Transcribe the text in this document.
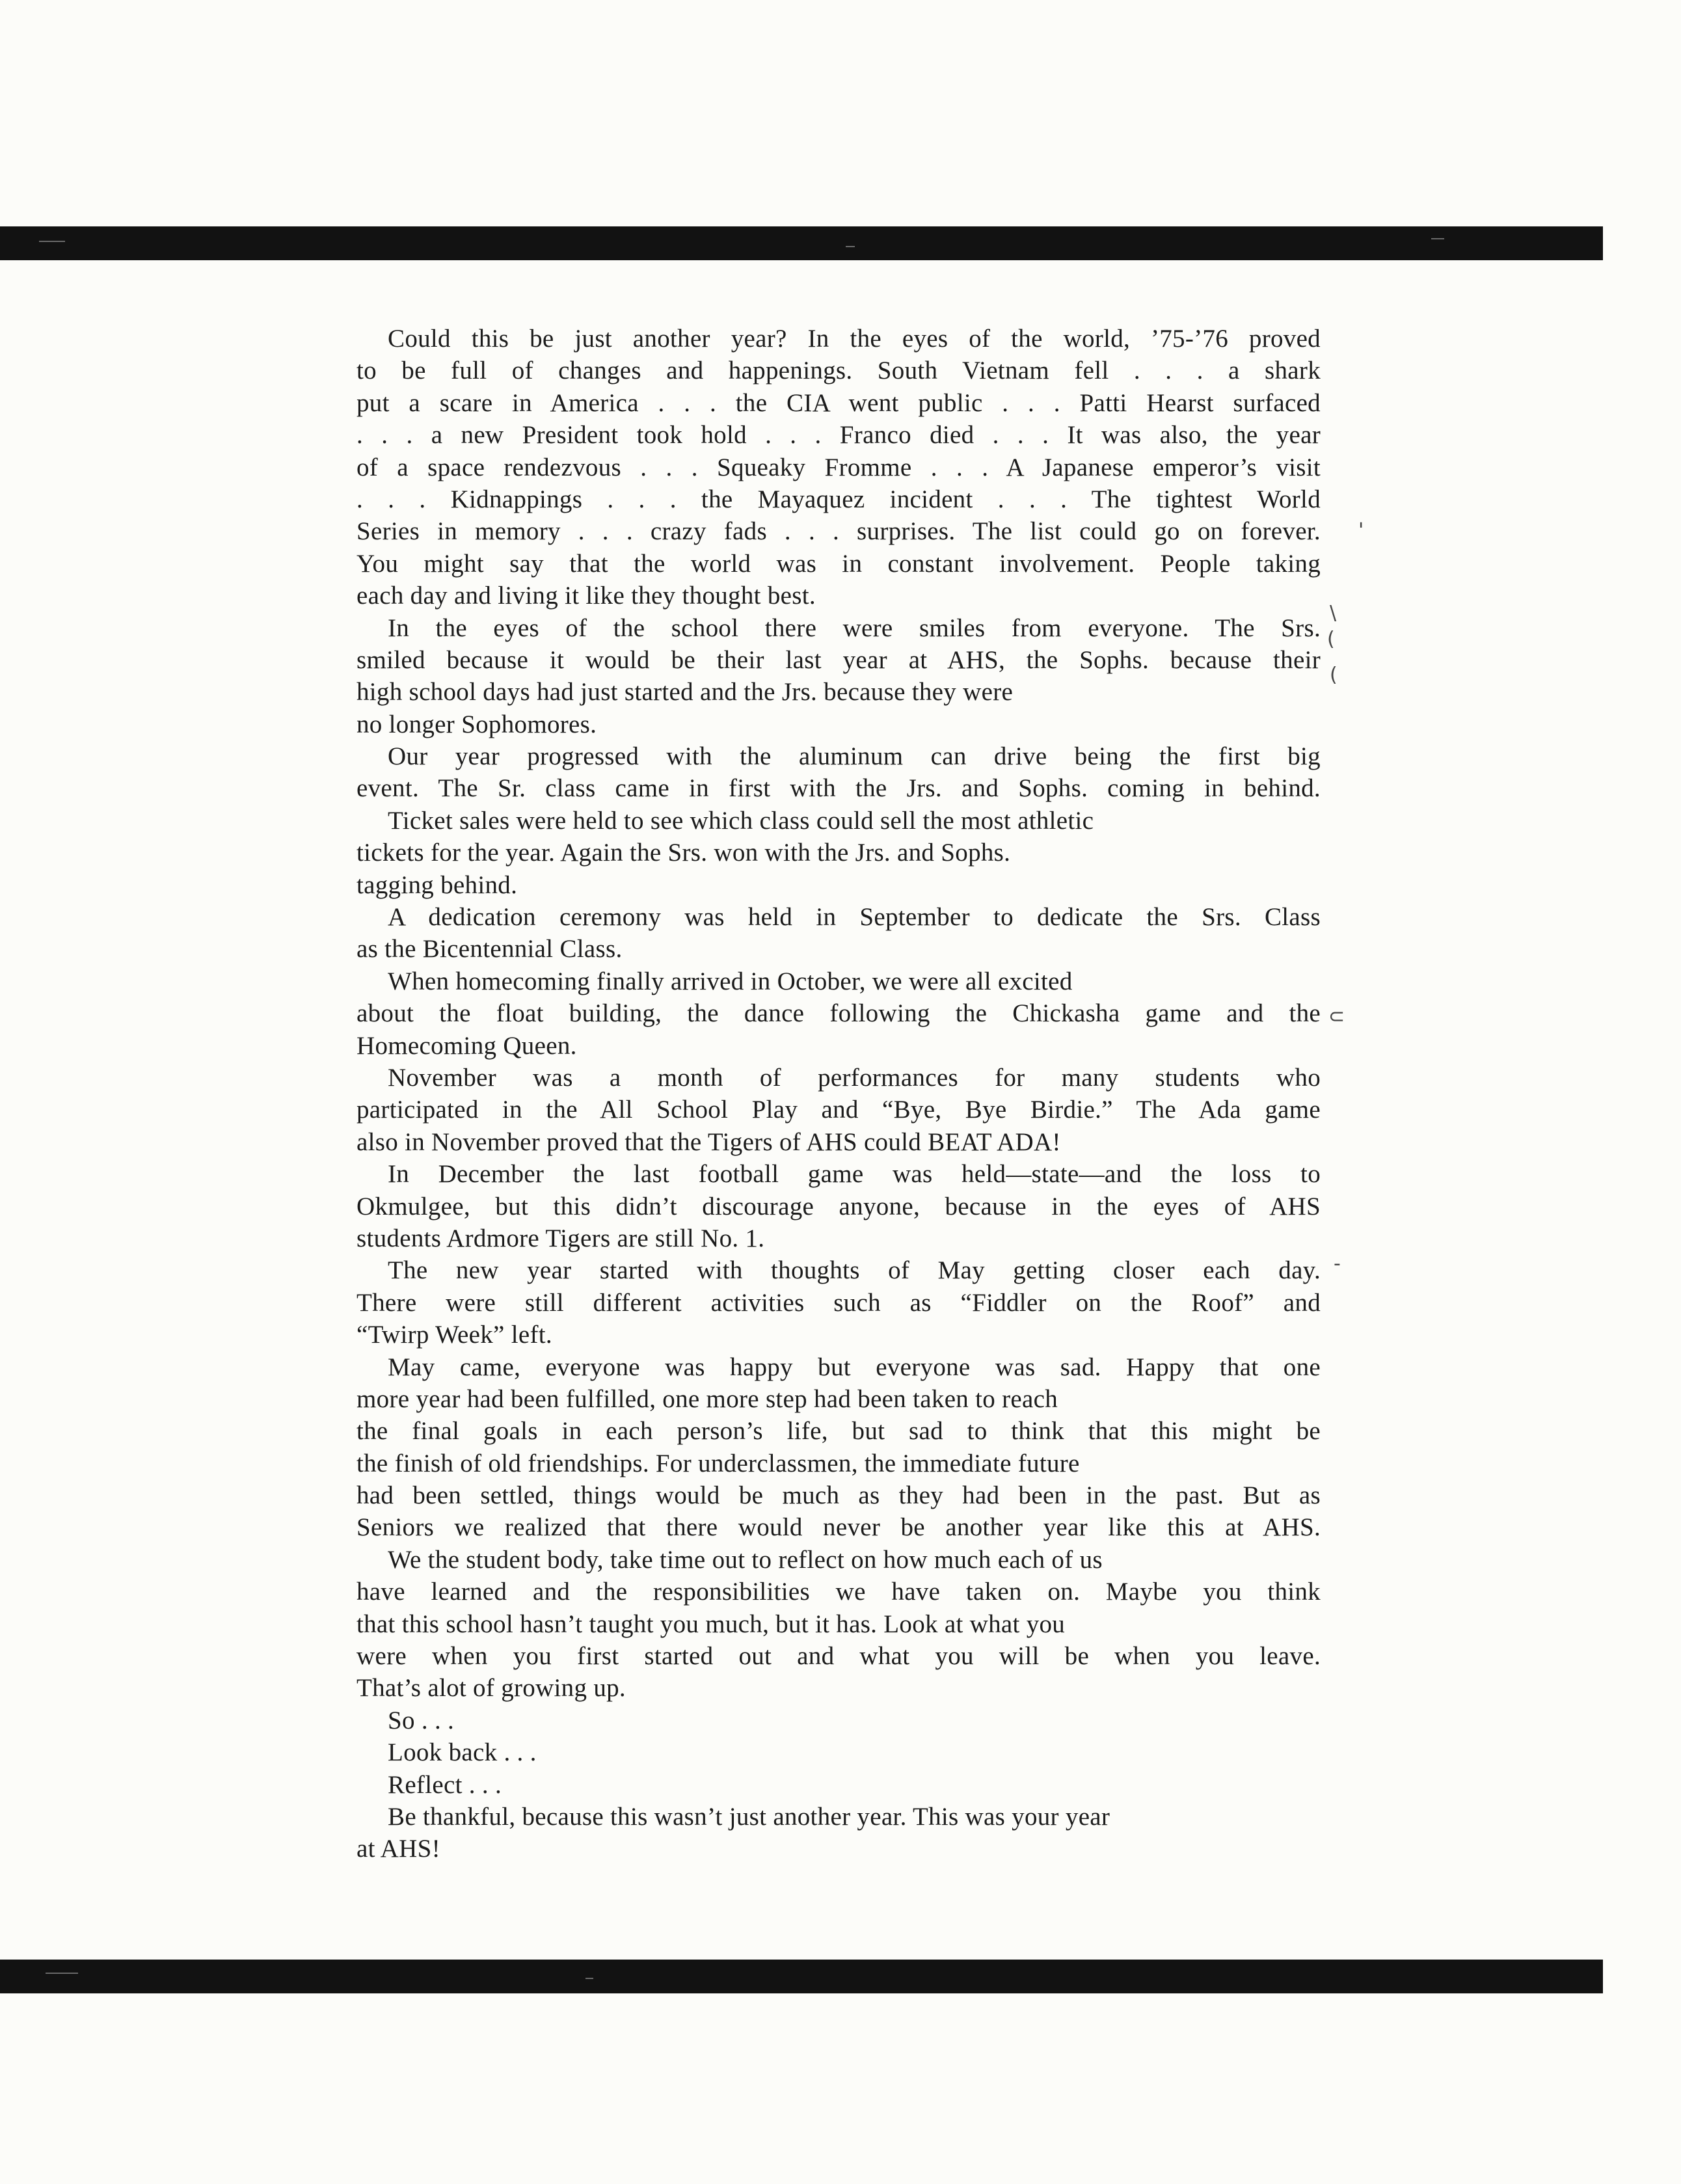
Could this be just another year? In the eyes of the world, ’75-’76 proved
to be full of changes and happenings. South Vietnam fell . . . a shark
put a scare in America . . . the CIA went public . . . Patti Hearst surfaced
. . . a new President took hold . . . Franco died . . . It was also, the year
of a space rendezvous . . . Squeaky Fromme . . . A Japanese emperor’s visit
. . . Kidnappings . . . the Mayaquez incident . . . The tightest World
Series in memory . . . crazy fads . . . surprises. The list could go on forever.
You might say that the world was in constant involvement. People taking
each day and living it like they thought best.
In the eyes of the school there were smiles from everyone. The Srs.
smiled because it would be their last year at AHS, the Sophs. because their
high school days had just started and the Jrs. because they were
no longer Sophomores.
Our year progressed with the aluminum can drive being the first big
event. The Sr. class came in first with the Jrs. and Sophs. coming in behind.
Ticket sales were held to see which class could sell the most athletic
tickets for the year. Again the Srs. won with the Jrs. and Sophs.
tagging behind.
A dedication ceremony was held in September to dedicate the Srs. Class
as the Bicentennial Class.
When homecoming finally arrived in October, we were all excited
about the float building, the dance following the Chickasha game and the
Homecoming Queen.
November was a month of performances for many students who
participated in the All School Play and “Bye, Bye Birdie.” The Ada game
also in November proved that the Tigers of AHS could BEAT ADA!
In December the last football game was held—state—and the loss to
Okmulgee, but this didn’t discourage anyone, because in the eyes of AHS
students Ardmore Tigers are still No. 1.
The new year started with thoughts of May getting closer each day.
There were still different activities such as “Fiddler on the Roof” and
“Twirp Week” left.
May came, everyone was happy but everyone was sad. Happy that one
more year had been fulfilled, one more step had been taken to reach
the final goals in each person’s life, but sad to think that this might be
the finish of old friendships. For underclassmen, the immediate future
had been settled, things would be much as they had been in the past. But as
Seniors we realized that there would never be another year like this at AHS.
We the student body, take time out to reflect on how much each of us
have learned and the responsibilities we have taken on. Maybe you think
that this school hasn’t taught you much, but it has. Look at what you
were when you first started out and what you will be when you leave.
That’s alot of growing up.
So . . .
Look back . . .
Reflect . . .
Be thankful, because this wasn’t just another year. This was your year
at AHS!
'
\
(
(
⊂
-
